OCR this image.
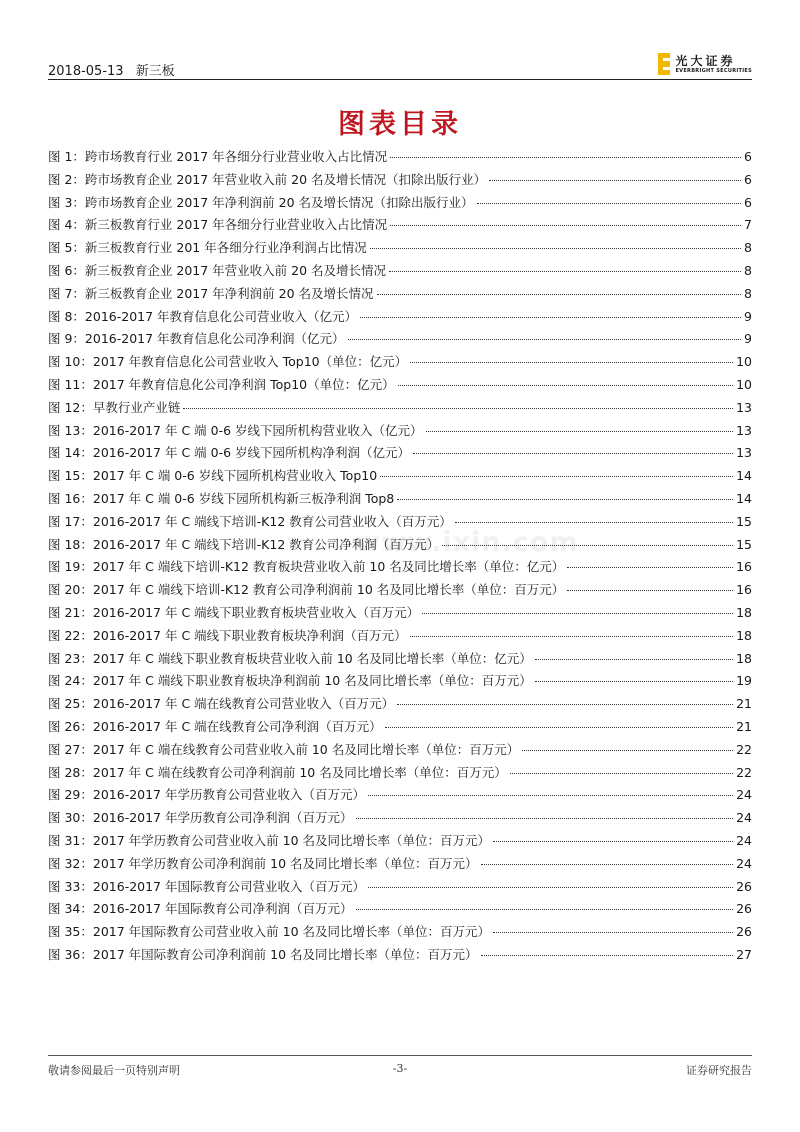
2018-05-13 新三板
光大证券
EVERBRIGHT SECURITIES
图表目录
图 1：跨市场教育行业 2017 年各细分行业营业收入占比情况	6
图 2：跨市场教育企业 2017 年营业收入前 20 名及增长情况（扣除出版行业）	6
图 3：跨市场教育企业 2017 年净利润前 20 名及增长情况（扣除出版行业）	6
图 4：新三板教育行业 2017 年各细分行业营业收入占比情况	7
图 5：新三板教育行业 201 年各细分行业净利润占比情况	8
图 6：新三板教育企业 2017 年营业收入前 20 名及增长情况	8
图 7：新三板教育企业 2017 年净利润前 20 名及增长情况	8
图 8：2016-2017 年教育信息化公司营业收入（亿元）	9
图 9：2016-2017 年教育信息化公司净利润（亿元）	9
图 10：2017 年教育信息化公司营业收入 Top10（单位：亿元）	10
图 11：2017 年教育信息化公司净利润 Top10（单位：亿元）	10
图 12：早教行业产业链	13
图 13：2016-2017 年 C 端 0-6 岁线下园所机构营业收入（亿元）	13
图 14：2016-2017 年 C 端 0-6 岁线下园所机构净利润（亿元）	13
图 15：2017 年 C 端 0-6 岁线下园所机构营业收入 Top10	14
图 16：2017 年 C 端 0-6 岁线下园所机构新三板净利润 Top8	14
图 17：2016-2017 年 C 端线下培训-K12 教育公司营业收入（百万元）	15
图 18：2016-2017 年 C 端线下培训-K12 教育公司净利润（百万元）	15
图 19：2017 年 C 端线下培训-K12 教育板块营业收入前 10 名及同比增长率（单位：亿元）	16
图 20：2017 年 C 端线下培训-K12 教育公司净利润前 10 名及同比增长率（单位：百万元）	16
图 21：2016-2017 年 C 端线下职业教育板块营业收入（百万元）	18
图 22：2016-2017 年 C 端线下职业教育板块净利润（百万元）	18
图 23：2017 年 C 端线下职业教育板块营业收入前 10 名及同比增长率（单位：亿元）	18
图 24：2017 年 C 端线下职业教育板块净利润前 10 名及同比增长率（单位：百万元）	19
图 25：2016-2017 年 C 端在线教育公司营业收入（百万元）	21
图 26：2016-2017 年 C 端在线教育公司净利润（百万元）	21
图 27：2017 年 C 端在线教育公司营业收入前 10 名及同比增长率（单位：百万元）	22
图 28：2017 年 C 端在线教育公司净利润前 10 名及同比增长率（单位：百万元）	22
图 29：2016-2017 年学历教育公司营业收入（百万元）	24
图 30：2016-2017 年学历教育公司净利润（百万元）	24
图 31：2017 年学历教育公司营业收入前 10 名及同比增长率（单位：百万元）	24
图 32：2017 年学历教育公司净利润前 10 名及同比增长率（单位：百万元）	24
图 33：2016-2017 年国际教育公司营业收入（百万元）	26
图 34：2016-2017 年国际教育公司净利润（百万元）	26
图 35：2017 年国际教育公司营业收入前 10 名及同比增长率（单位：百万元）	26
图 36：2017 年国际教育公司净利润前 10 名及同比增长率（单位：百万元）	27
www.ixin.com
敬请参阅最后一页特别声明	-3-	证券研究报告
